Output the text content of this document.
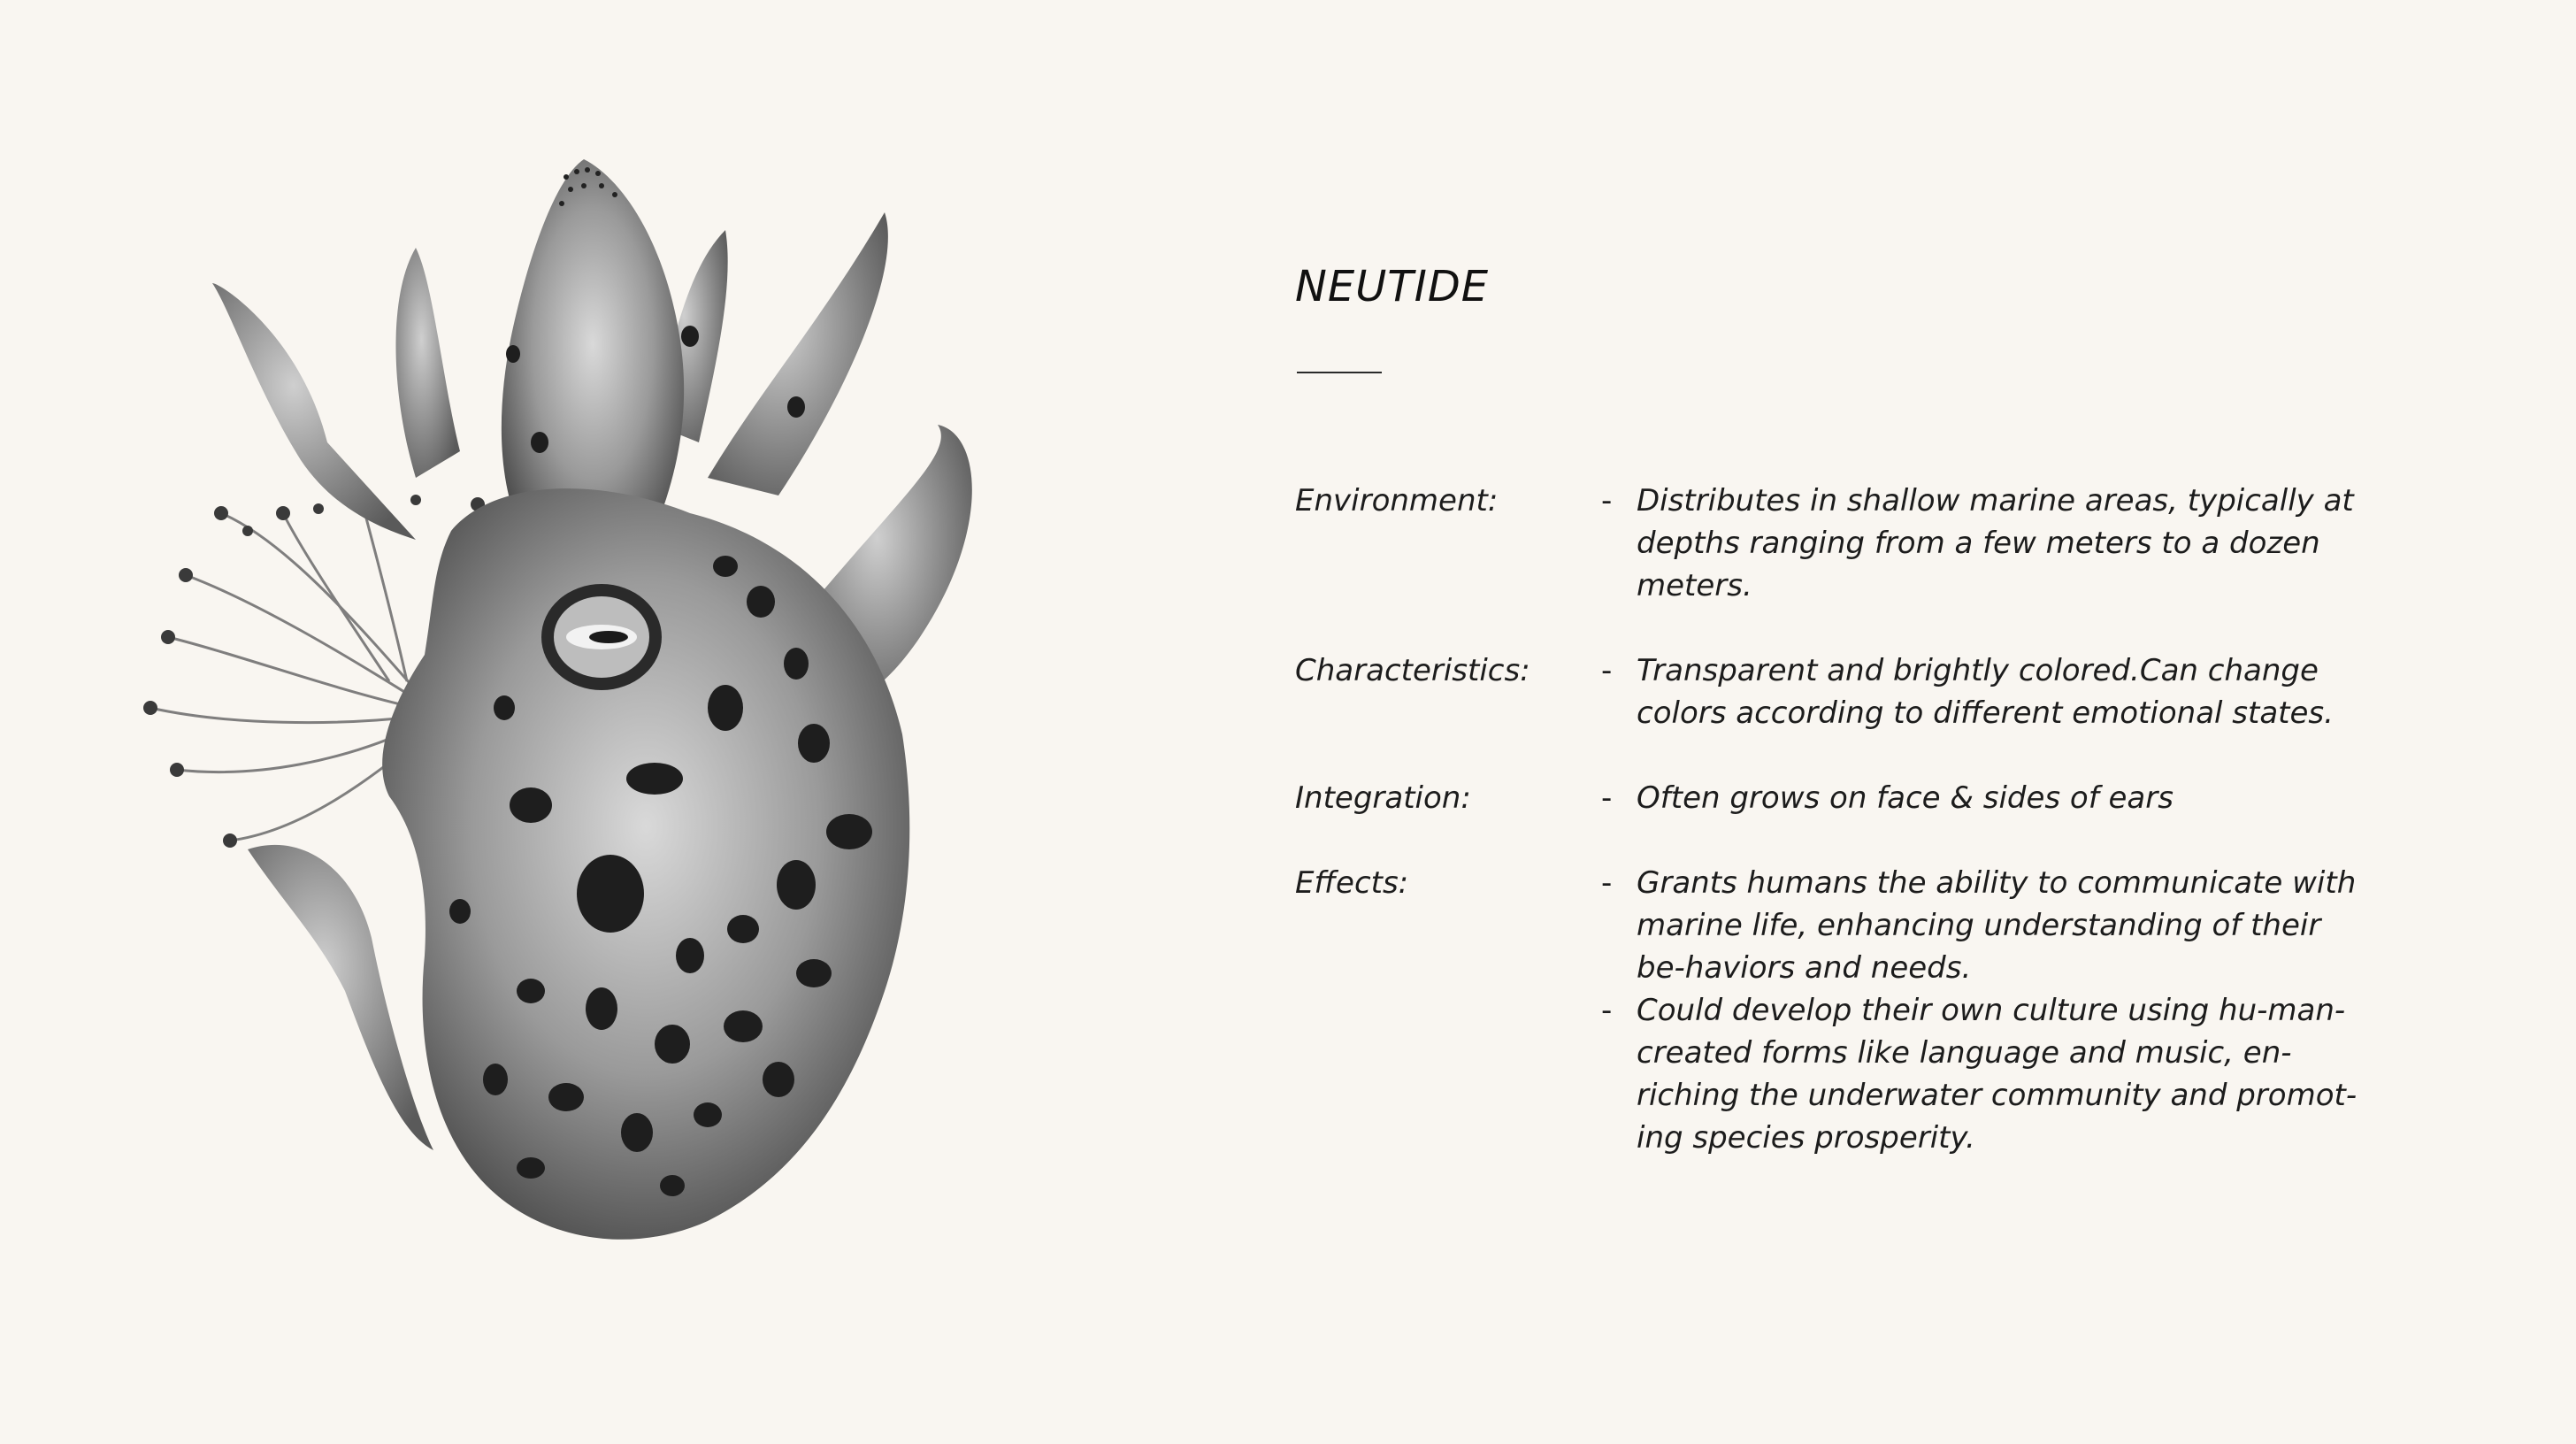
NEUTIDE
Environment:	- Distributes in shallow marine areas, typically at depths ranging from a few meters to a dozen meters.
Characteristics:	- Transparent and brightly colored.Can change colors according to different emotional states.
Integration:	- Often grows on face & sides of ears
Effects:	- Grants humans the ability to communicate with marine life, enhancing understanding of their be-haviors and needs.
- Could develop their own culture using hu-man-created forms like language and music, en-riching the underwater community and promot-ing species prosperity.
